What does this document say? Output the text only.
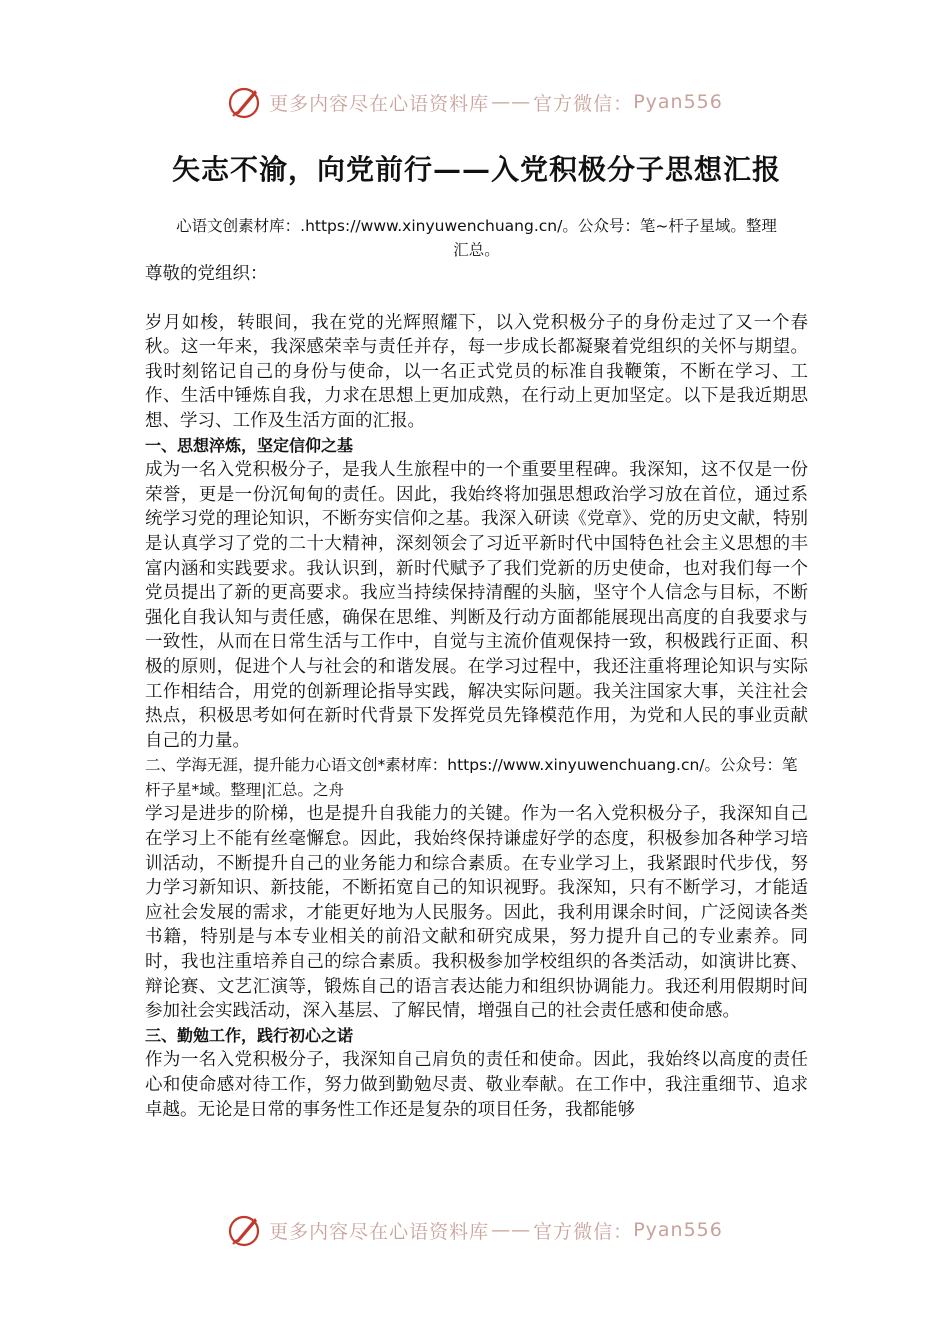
更多内容尽在心语资料库 —— 官方微信： Pyan556
矢志不渝，向党前行——入党积极分子思想汇报

心语文创素材库：.https://www.xinyuwenchuang.cn/。公众号：笔~杆子星域。整理

汇总。

尊敬的党组织：

岁月如梭，转眼间，我在党的光辉照耀下，以入党积极分子的身份走过了又一个春秋。这一年来，我深感荣幸与责任并存，每一步成长都凝聚着党组织的关怀与期望。我时刻铭记自己的身份与使命，以一名正式党员的标准自我鞭策，不断在学习、工作、生活中锤炼自我，力求在思想上更加成熟，在行动上更加坚定。以下是我近期思想、学习、工作及生活方面的汇报。

一、思想淬炼，坚定信仰之基

成为一名入党积极分子，是我人生旅程中的一个重要里程碑。我深知，这不仅是一份荣誉，更是一份沉甸甸的责任。因此，我始终将加强思想政治学习放在首位，通过系统学习党的理论知识，不断夯实信仰之基。我深入研读《党章》、党的历史文献，特别是认真学习了党的二十大精神，深刻领会了习近平新时代中国特色社会主义思想的丰富内涵和实践要求。我认识到，新时代赋予了我们党新的历史使命，也对我们每一个党员提出了新的更高要求。我应当持续保持清醒的头脑，坚守个人信念与目标，不断强化自我认知与责任感，确保在思维、判断及行动方面都能展现出高度的自我要求与一致性，从而在日常生活与工作中，自觉与主流价值观保持一致，积极践行正面、积极的原则，促进个人与社会的和谐发展。在学习过程中，我还注重将理论知识与实际工作相结合，用党的创新理论指导实践，解决实际问题。我关注国家大事，关注社会热点，积极思考如何在新时代背景下发挥党员先锋模范作用，为党和人民的事业贡献自己的力量。

二、学海无涯，提升能力心语文创*素材库：https://www.xinyuwenchuang.cn/。公众号：笔杆子星*域。整理|汇总。之舟

学习是进步的阶梯，也是提升自我能力的关键。作为一名入党积极分子，我深知自己在学习上不能有丝毫懈怠。因此，我始终保持谦虚好学的态度，积极参加各种学习培训活动，不断提升自己的业务能力和综合素质。在专业学习上，我紧跟时代步伐，努力学习新知识、新技能，不断拓宽自己的知识视野。我深知，只有不断学习，才能适应社会发展的需求，才能更好地为人民服务。因此，我利用课余时间，广泛阅读各类书籍，特别是与本专业相关的前沿文献和研究成果，努力提升自己的专业素养。同时，我也注重培养自己的综合素质。我积极参加学校组织的各类活动，如演讲比赛、辩论赛、文艺汇演等，锻炼自己的语言表达能力和组织协调能力。我还利用假期时间参加社会实践活动，深入基层、了解民情，增强自己的社会责任感和使命感。

三、勤勉工作，践行初心之诺

作为一名入党积极分子，我深知自己肩负的责任和使命。因此，我始终以高度的责任心和使命感对待工作，努力做到勤勉尽责、敬业奉献。在工作中，我注重细节、追求卓越。无论是日常的事务性工作还是复杂的项目任务，我都能够

更多内容尽在心语资料库 —— 官方微信： Pyan556
